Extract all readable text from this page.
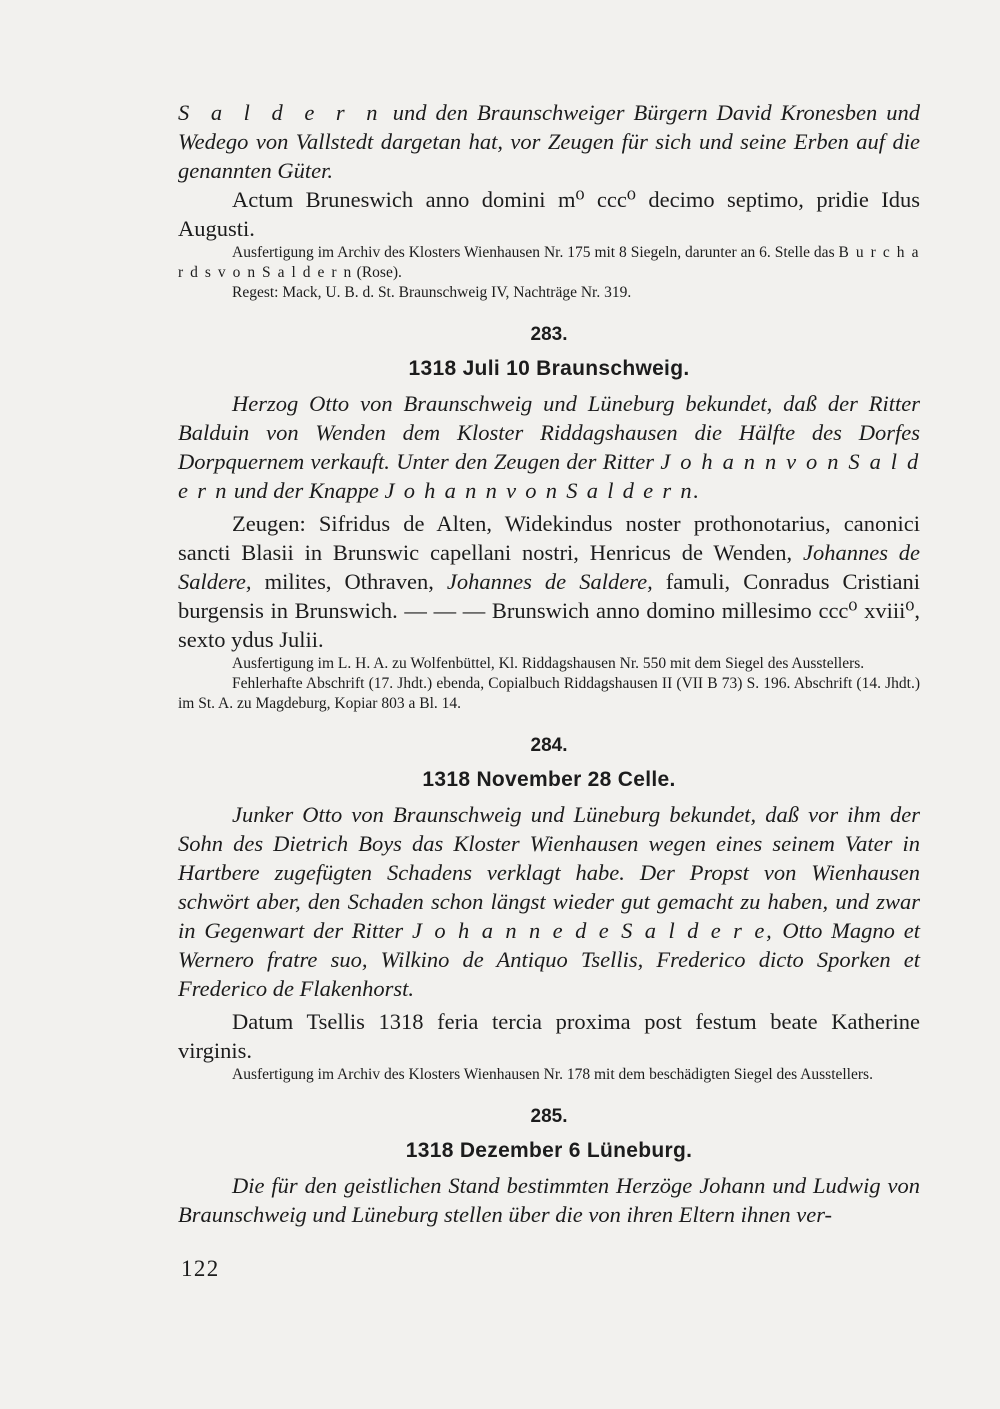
S a l d e r n und den Braunschweiger Bürgern David Kronesben und Wedego von Vallstedt dargetan hat, vor Zeugen für sich und seine Erben auf die genannten Güter.

Actum Bruneswich anno domini m⁰ ccc⁰ decimo septimo, pridie Idus Augusti.

Ausfertigung im Archiv des Klosters Wienhausen Nr. 175 mit 8 Siegeln, darunter an 6. Stelle das B u r c h a r d s v o n S a l d e r n (Rose).

Regest: Mack, U. B. d. St. Braunschweig IV, Nachträge Nr. 319.

283.
1318 Juli 10 Braunschweig.

Herzog Otto von Braunschweig und Lüneburg bekundet, daß der Ritter Balduin von Wenden dem Kloster Riddagshausen die Hälfte des Dorfes Dorpquernem verkauft. Unter den Zeugen der Ritter J o h a n n v o n S a l d e r n und der Knappe J o h a n n v o n S a l d e r n.

Zeugen: Sifridus de Alten, Widekindus noster prothonotarius, canonici sancti Blasii in Brunswic capellani nostri, Henricus de Wenden, Johannes de Saldere, milites, Othraven, Johannes de Saldere, famuli, Conradus Cristiani burgensis in Brunswich. — — — Brunswich anno domino millesimo ccc⁰ xviii⁰, sexto ydus Julii.

Ausfertigung im L. H. A. zu Wolfenbüttel, Kl. Riddagshausen Nr. 550 mit dem Siegel des Ausstellers.

Fehlerhafte Abschrift (17. Jhdt.) ebenda, Copialbuch Riddagshausen II (VII B 73) S. 196. Abschrift (14. Jhdt.) im St. A. zu Magdeburg, Kopiar 803 a Bl. 14.

284.
1318 November 28 Celle.

Junker Otto von Braunschweig und Lüneburg bekundet, daß vor ihm der Sohn des Dietrich Boys das Kloster Wienhausen wegen eines seinem Vater in Hartbere zugefügten Schadens verklagt habe. Der Propst von Wienhausen schwört aber, den Schaden schon längst wieder gut gemacht zu haben, und zwar in Gegenwart der Ritter J o h a n n e d e S a l d e r e, Otto Magno et Wernero fratre suo, Wilkino de Antiquo Tsellis, Frederico dicto Sporken et Frederico de Flakenhorst.

Datum Tsellis 1318 feria tercia proxima post festum beate Katherine virginis.

Ausfertigung im Archiv des Klosters Wienhausen Nr. 178 mit dem beschädigten Siegel des Ausstellers.

285.
1318 Dezember 6 Lüneburg.

Die für den geistlichen Stand bestimmten Herzöge Johann und Ludwig von Braunschweig und Lüneburg stellen über die von ihren Eltern ihnen ver-

122
